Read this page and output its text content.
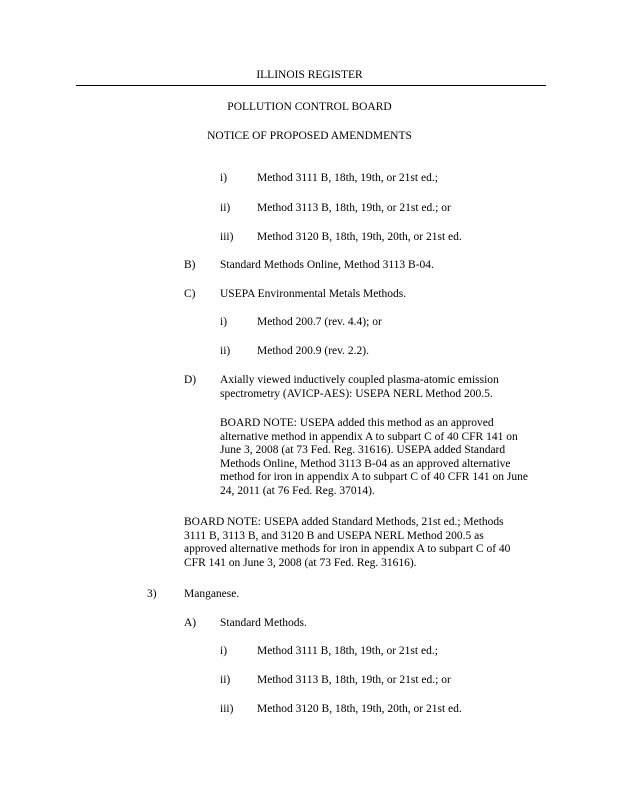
ILLINOIS REGISTER
POLLUTION CONTROL BOARD
NOTICE OF PROPOSED AMENDMENTS
i)	Method 3111 B, 18th, 19th, or 21st ed.;
ii) Method 3113 B, 18th, 19th, or 21st ed.; or
iii) Method 3120 B, 18th, 19th, 20th, or 21st ed.
B) Standard Methods Online, Method 3113 B-04.
C) USEPA Environmental Metals Methods.
i)	Method 200.7 (rev. 4.4); or
ii) Method 200.9 (rev. 2.2).
D) Axially viewed inductively coupled plasma-atomic emission
spectrometry (AVICP-AES): USEPA NERL Method 200.5.
BOARD NOTE: USEPA added this method as an approved
alternative method in appendix A to subpart C of 40 CFR 141 on
June 3, 2008 (at 73 Fed. Reg. 31616). USEPA added Standard
Methods Online, Method 3113 B-04 as an approved alternative
method for iron in appendix A to subpart C of 40 CFR 141 on June
24, 2011 (at 76 Fed. Reg. 37014).
BOARD NOTE: USEPA added Standard Methods, 21st ed.; Methods
3111 B, 3113 B, and 3120 B and USEPA NERL Method 200.5 as
approved alternative methods for iron in appendix A to subpart C of 40
CFR 141 on June 3, 2008 (at 73 Fed. Reg. 31616).
3) Manganese.
A) Standard Methods.
i)	Method 3111 B, 18th, 19th, or 21st ed.;
ii) Method 3113 B, 18th, 19th, or 21st ed.; or
iii) Method 3120 B, 18th, 19th, 20th, or 21st ed.
